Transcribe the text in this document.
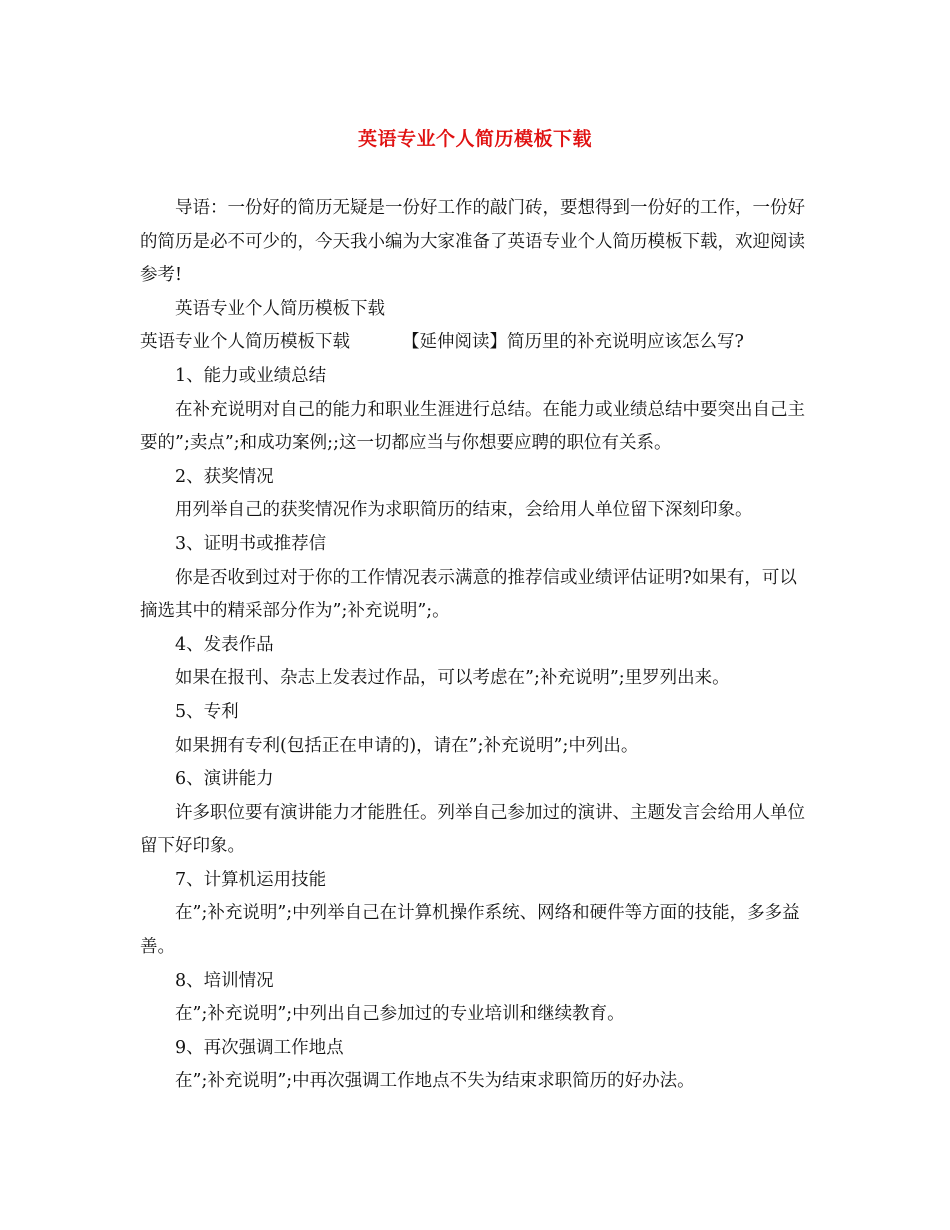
英语专业个人简历模板下载

导语：一份好的简历无疑是一份好工作的敲门砖，要想得到一份好的工作，一份好的简历是必不可少的，今天我小编为大家准备了英语专业个人简历模板下载，欢迎阅读参考!

英语专业个人简历模板下载

英语专业个人简历模板下载	【延伸阅读】简历里的补充说明应该怎么写?

1、能力或业绩总结

在补充说明对自己的能力和职业生涯进行总结。在能力或业绩总结中要突出自己主要的”;卖点”;和成功案例;;这一切都应当与你想要应聘的职位有关系。

2、获奖情况

用列举自己的获奖情况作为求职简历的结束，会给用人单位留下深刻印象。

3、证明书或推荐信

你是否收到过对于你的工作情况表示满意的推荐信或业绩评估证明?如果有，可以摘选其中的精采部分作为”;补充说明”;。

4、发表作品

如果在报刊、杂志上发表过作品，可以考虑在”;补充说明”;里罗列出来。

5、专利

如果拥有专利(包括正在申请的)，请在”;补充说明”;中列出。

6、演讲能力

许多职位要有演讲能力才能胜任。列举自己参加过的演讲、主题发言会给用人单位留下好印象。

7、计算机运用技能

在”;补充说明”;中列举自己在计算机操作系统、网络和硬件等方面的技能，多多益善。

8、培训情况

在”;补充说明”;中列出自己参加过的专业培训和继续教育。

9、再次强调工作地点

在”;补充说明”;中再次强调工作地点不失为结束求职简历的好办法。
